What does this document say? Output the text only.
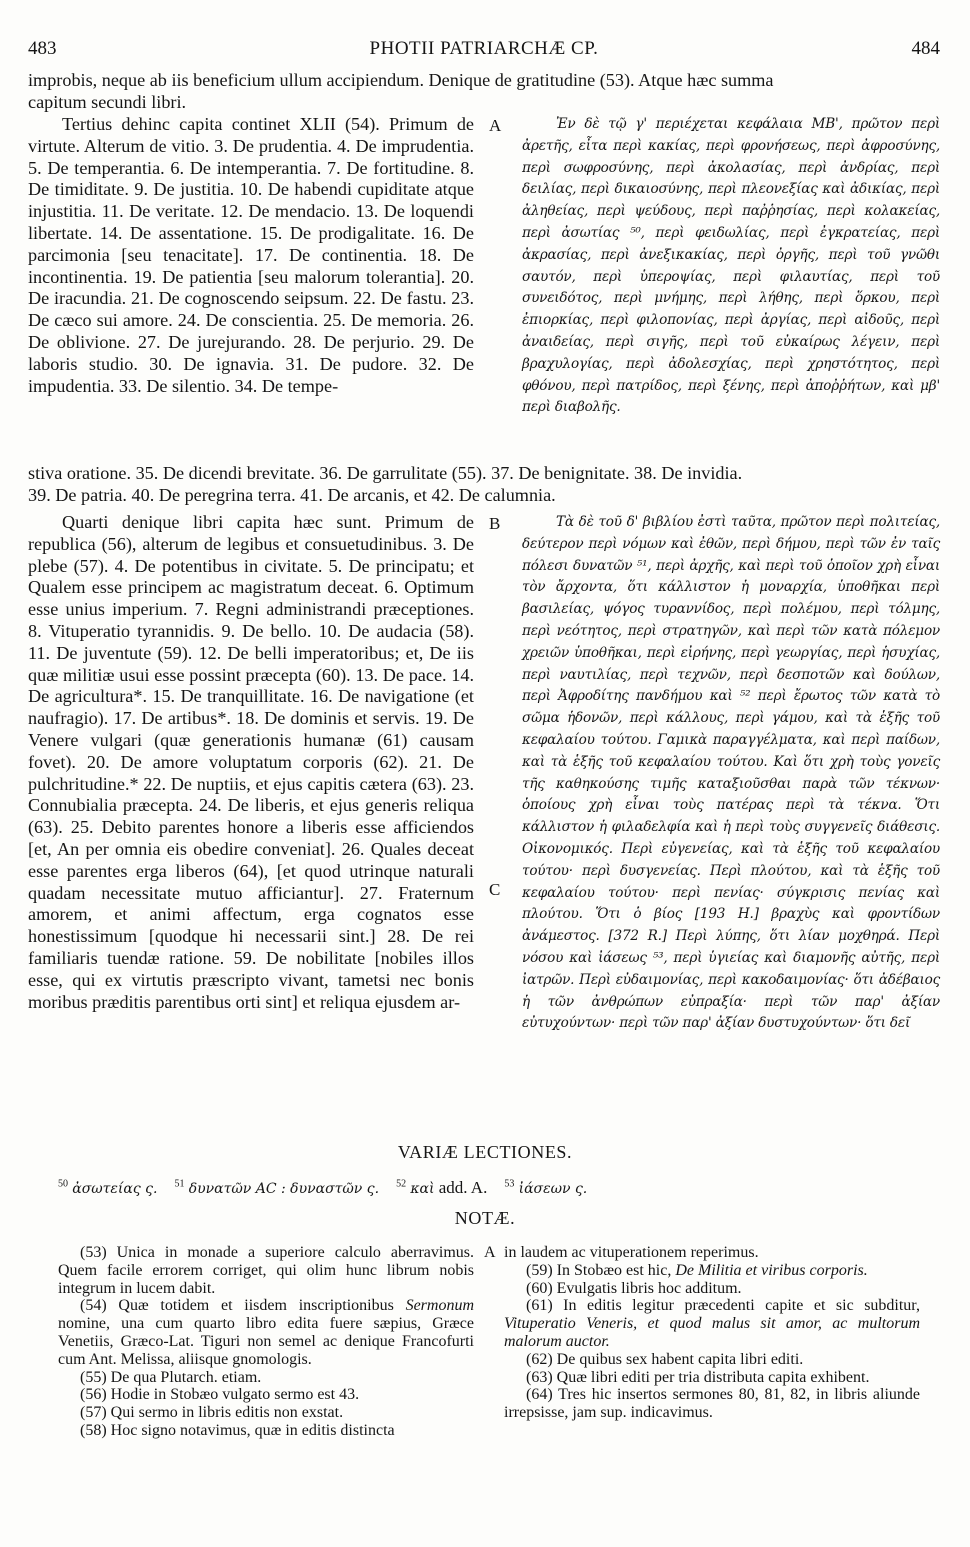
483	PHOTII PATRIARCHÆ CP.	484

improbis, neque ab iis beneficium ullum accipiendum. Denique de gratitudine (53). Atque hæc summa

capitum secundi libri.

Tertius dehinc capita continet XLII (54). Primum de virtute. Alterum de vitio. 3. De prudentia. 4. De imprudentia. 5. De temperantia. 6. De intemperantia. 7. De fortitudine. 8. De timiditate. 9. De justitia. 10. De habendi cupiditate atque injustitia. 11. De veritate. 12. De mendacio. 13. De loquendi libertate. 14. De assentatione. 15. De prodigalitate. 16. De parcimonia [seu tenacitate]. 17. De continentia. 18. De incontinentia. 19. De patientia [seu malorum tolerantia]. 20. De iracundia. 21. De cognoscendo seipsum. 22. De fastu. 23. De cæco sui amore. 24. De conscientia. 25. De memoria. 26. De oblivione. 27. De jurejurando. 28. De perjurio. 29. De laboris studio. 30. De ignavia. 31. De pudore. 32. De impudentia. 33. De silentio. 34. De tempe-

A	Ἐν δὲ τῷ γ' περιέχεται κεφάλαια ΜΒ', πρῶτον περὶ ἀρετῆς, εἶτα περὶ κακίας, περὶ φρονήσεως, περὶ ἀφροσύνης, περὶ σωφροσύνης, περὶ ἀκολασίας, περὶ ἀνδρίας, περὶ δειλίας, περὶ δικαιοσύνης, περὶ πλεονεξίας καὶ ἀδικίας, περὶ ἀληθείας, περὶ ψεύδους, περὶ παῤῥησίας, περὶ κολακείας, περὶ ἀσωτίας ⁵⁰, περὶ φειδωλίας, περὶ ἐγκρατείας, περὶ ἀκρασίας, περὶ ἀνεξικακίας, περὶ ὀργῆς, περὶ τοῦ γνῶθι σαυτόν, περὶ ὑπεροψίας, περὶ φιλαυτίας, περὶ τοῦ συνειδότος, περὶ μνήμης, περὶ λήθης, περὶ ὅρκου, περὶ ἐπιορκίας, περὶ φιλοπονίας, περὶ ἀργίας, περὶ αἰδοῦς, περὶ ἀναιδείας, περὶ σιγῆς, περὶ τοῦ εὐκαίρως λέγειν, περὶ βραχυλογίας, περὶ ἀδολεσχίας, περὶ χρηστότητος, περὶ φθόνου, περὶ πατρίδος, περὶ ξένης, περὶ ἀποῤῥήτων, καὶ μβ' περὶ διαβολῆς.

stiva oratione. 35. De dicendi brevitate. 36. De garrulitate (55). 37. De benignitate. 38. De invidia.

39. De patria. 40. De peregrina terra. 41. De arcanis, et 42. De calumnia.

Quarti denique libri capita hæc sunt. Primum de republica (56), alterum de legibus et consuetudinibus. 3. De plebe (57). 4. De potentibus in civitate. 5. De principatu; et Qualem esse principem ac magistratum deceat. 6. Optimum esse unius imperium. 7. Regni administrandi præceptiones. 8. Vituperatio tyrannidis. 9. De bello. 10. De audacia (58). 11. De juventute (59). 12. De belli imperatoribus; et, De iis quæ militiæ usui esse possint præcepta (60). 13. De pace. 14. De agricultura*. 15. De tranquillitate. 16. De navigatione (et naufragio). 17. De artibus*. 18. De dominis et servis. 19. De Venere vulgari (quæ generationis humanæ (61) causam fovet). 20. De amore voluptatum corporis (62). 21. De pulchritudine.* 22. De nuptiis, et ejus capitis cætera (63). 23. Connubialia præcepta. 24. De liberis, et ejus generis reliqua (63). 25. Debito parentes honore a liberis esse afficiendos [et, An per omnia eis obedire conveniat]. 26. Quales deceat esse parentes erga liberos (64), [et quod utrinque naturali quadam necessitate mutuo afficiantur]. 27. Fraternum amorem, et animi affectum, erga cognatos esse honestissimum [quodque hi necessarii sint.] 28. De rei familiaris tuendæ ratione. 59. De nobilitate [nobiles illos esse, qui ex virtutis præscripto vivant, tametsi nec bonis moribus præditis parentibus orti sint] et reliqua ejusdem ar-

B
C

Τὰ δὲ τοῦ δ' βιβλίου ἐστὶ ταῦτα, πρῶτον περὶ πολιτείας, δεύτερον περὶ νόμων καὶ ἐθῶν, περὶ δήμου, περὶ τῶν ἐν ταῖς πόλεσι δυνατῶν ⁵¹, περὶ ἀρχῆς, καὶ περὶ τοῦ ὁποῖον χρὴ εἶναι τὸν ἄρχοντα, ὅτι κάλλιστον ἡ μοναρχία, ὑποθῆκαι περὶ βασιλείας, ψόγος τυραννίδος, περὶ πολέμου, περὶ τόλμης, περὶ νεότητος, περὶ στρατηγῶν, καὶ περὶ τῶν κατὰ πόλεμον χρειῶν ὑποθῆκαι, περὶ εἰρήνης, περὶ γεωργίας, περὶ ἡσυχίας, περὶ ναυτιλίας, περὶ τεχνῶν, περὶ δεσποτῶν καὶ δούλων, περὶ Ἀφροδίτης πανδήμου καὶ ⁵² περὶ ἔρωτος τῶν κατὰ τὸ σῶμα ἡδονῶν, περὶ κάλλους, περὶ γάμου, καὶ τὰ ἑξῆς τοῦ κεφαλαίου τούτου. Γαμικὰ παραγγέλματα, καὶ περὶ παίδων, καὶ τὰ ἑξῆς τοῦ κεφαλαίου τούτου. Καὶ ὅτι χρὴ τοὺς γονεῖς τῆς καθηκούσης τιμῆς καταξιοῦσθαι παρὰ τῶν τέκνων· ὁποίους χρὴ εἶναι τοὺς πατέρας περὶ τὰ τέκνα. Ὅτι κάλλιστον ἡ φιλαδελφία καὶ ἡ περὶ τοὺς συγγενεῖς διάθεσις. Οἰκονομικός. Περὶ εὐγενείας, καὶ τὰ ἑξῆς τοῦ κεφαλαίου τούτου· περὶ δυσγενείας. Περὶ πλούτου, καὶ τὰ ἑξῆς τοῦ κεφαλαίου τούτου· περὶ πενίας· σύγκρισις πενίας καὶ πλούτου. Ὅτι ὁ βίος [193 H.] βραχὺς καὶ φροντίδων ἀνάμεστος. [372 R.] Περὶ λύπης, ὅτι λίαν μοχθηρά. Περὶ νόσου καὶ ἰάσεως ⁵³, περὶ ὑγιείας καὶ διαμονῆς αὐτῆς, περὶ ἰατρῶν. Περὶ εὐδαιμονίας, περὶ κακοδαιμονίας· ὅτι ἀδέβαιος ἡ τῶν ἀνθρώπων εὐπραξία· περὶ τῶν παρ' ἀξίαν εὐτυχούντων· περὶ τῶν παρ' ἀξίαν δυστυχούντων· ὅτι δεῖ

VARIÆ LECTIONES.
$^{50}$ ἀσωτείας ς. $^{51}$ δυνατῶν AC : δυναστῶν ς. $^{52}$ καὶ add. A. $^{53}$ ἰάσεων ς.
NOTÆ.

(53) Unica in monade a superiore calculo aberravimus. Quem facile errorem corriget, qui olim hunc librum nobis integrum in lucem dabit.

(54) Quæ totidem et iisdem inscriptionibus Sermonum nomine, una cum quarto libro edita fuere sæpius, Græce Venetiis, Græco-Lat. Tiguri non semel ac denique Francofurti cum Ant. Melissa, aliisque gnomologis.

(55) De qua Plutarch. etiam.

(56) Hodie in Stobæo vulgato sermo est 43.

(57) Qui sermo in libris editis non exstat.

(58) Hoc signo notavimus, quæ in editis distincta

A in laudem ac vituperationem reperimus.

(59) In Stobæo est hic, De Militia et viribus corporis.

(60) Evulgatis libris hoc additum.

(61) In editis legitur præcedenti capite et sic subditur, Vituperatio Veneris, et quod malus sit amor, ac multorum malorum auctor.

(62) De quibus sex habent capita libri editi.

(63) Quæ libri editi per tria distributa capita exhibent.

(64) Tres hic insertos sermones 80, 81, 82, in libris aliunde irrepsisse, jam sup. indicavimus.
